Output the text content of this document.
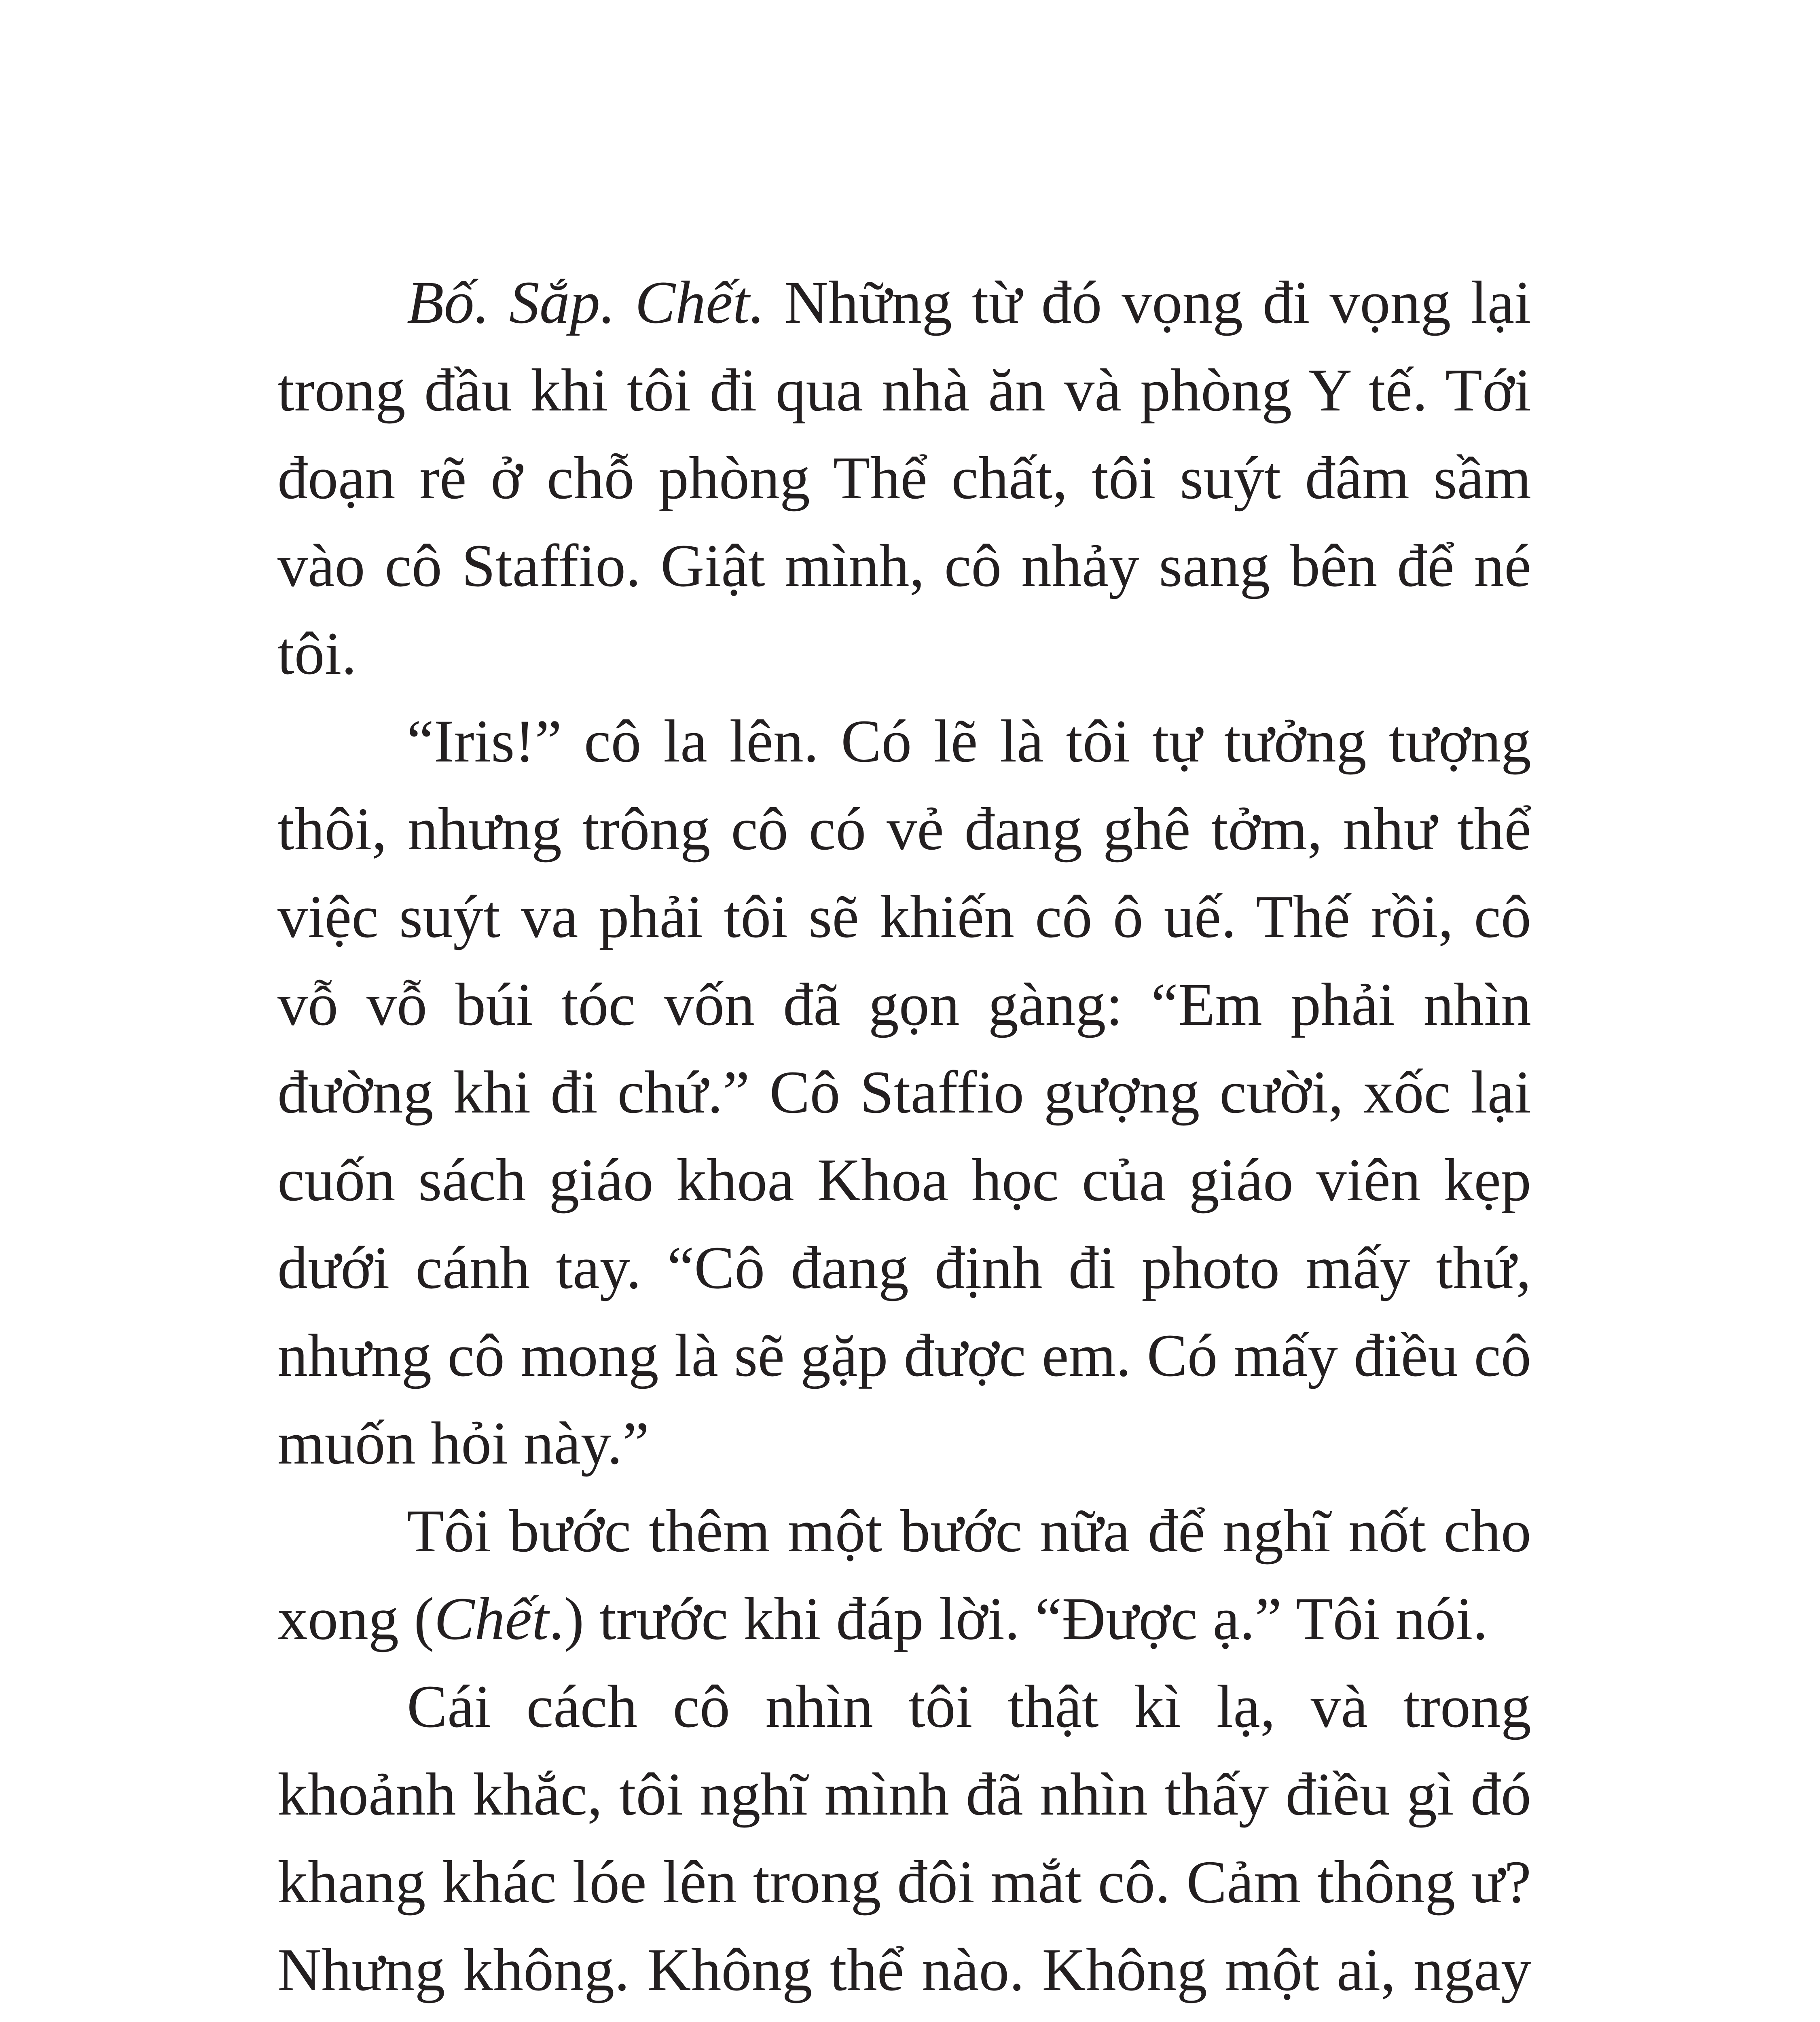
Bố. Sắp. Chết. Những từ đó vọng đi vọng lại trong đầu khi tôi đi qua nhà ăn và phòng Y tế. Tới đoạn rẽ ở chỗ phòng Thể chất, tôi suýt đâm sầm vào cô Staffio. Giật mình, cô nhảy sang bên để né tôi.

“Iris!” cô la lên. Có lẽ là tôi tự tưởng tượng thôi, nhưng trông cô có vẻ đang ghê tởm, như thể việc suýt va phải tôi sẽ khiến cô ô uế. Thế rồi, cô vỗ vỗ búi tóc vốn đã gọn gàng: “Em phải nhìn đường khi đi chứ.” Cô Staffio gượng cười, xốc lại cuốn sách giáo khoa Khoa học của giáo viên kẹp dưới cánh tay. “Cô đang định đi photo mấy thứ, nhưng cô mong là sẽ gặp được em. Có mấy điều cô muốn hỏi này.”

Tôi bước thêm một bước nữa để nghĩ nốt cho xong (Chết.) trước khi đáp lời. “Được ạ.” Tôi nói.

Cái cách cô nhìn tôi thật kì lạ, và trong khoảnh khắc, tôi nghĩ mình đã nhìn thấy điều gì đó khang khác lóe lên trong đôi mắt cô. Cảm thông ư? Nhưng không. Không thể nào. Không một ai, ngay
